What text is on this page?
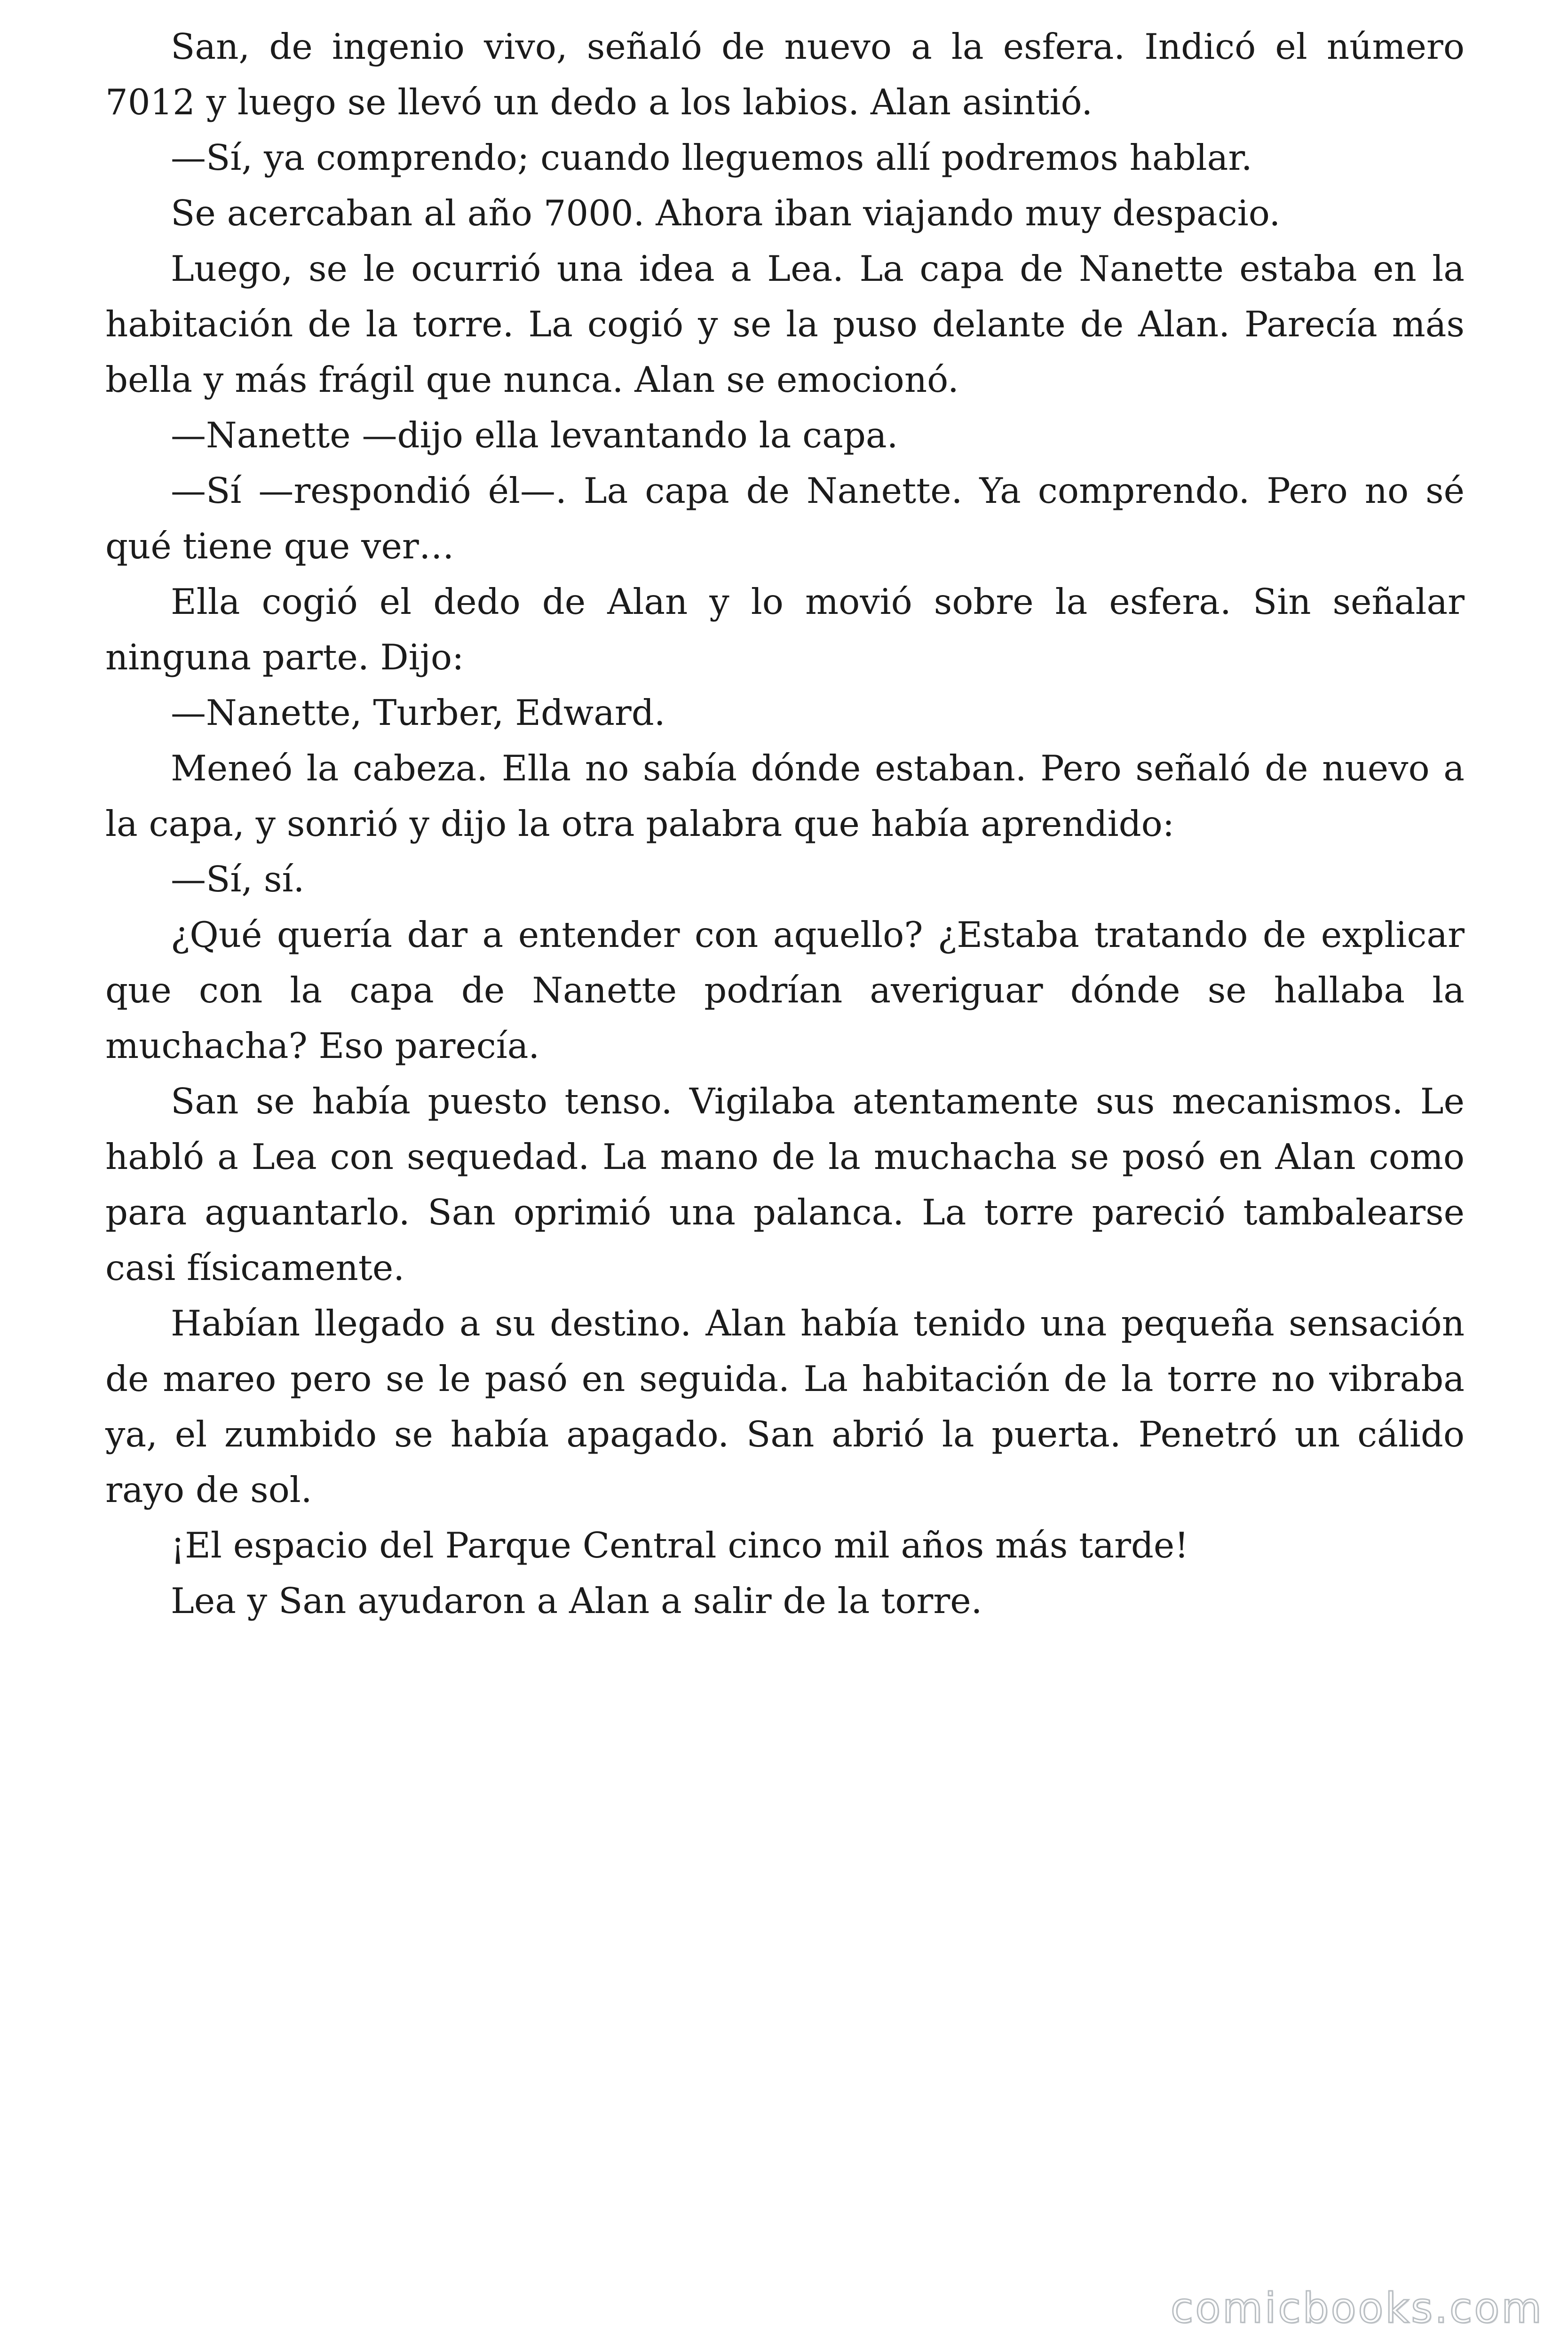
San, de ingenio vivo, señaló de nuevo a la esfera. Indicó el número 7012 y luego se llevó un dedo a los labios. Alan asintió.

—Sí, ya comprendo; cuando lleguemos allí podremos hablar.

Se acercaban al año 7000. Ahora iban viajando muy despacio.

Luego, se le ocurrió una idea a Lea. La capa de Nanette estaba en la habitación de la torre. La cogió y se la puso delante de Alan. Parecía más bella y más frágil que nunca. Alan se emocionó.

—Nanette —dijo ella levantando la capa.

—Sí —respondió él—. La capa de Nanette. Ya comprendo. Pero no sé qué tiene que ver…

Ella cogió el dedo de Alan y lo movió sobre la esfera. Sin señalar ninguna parte. Dijo:

—Nanette, Turber, Edward.

Meneó la cabeza. Ella no sabía dónde estaban. Pero señaló de nuevo a la capa, y sonrió y dijo la otra palabra que había aprendido:

—Sí, sí.

¿Qué quería dar a entender con aquello? ¿Estaba tratando de explicar que con la capa de Nanette podrían averiguar dónde se hallaba la muchacha? Eso parecía.

San se había puesto tenso. Vigilaba atentamente sus mecanismos. Le habló a Lea con sequedad. La mano de la muchacha se posó en Alan como para aguantarlo. San oprimió una palanca. La torre pareció tambalearse casi físicamente.

Habían llegado a su destino. Alan había tenido una pequeña sensación de mareo pero se le pasó en seguida. La habitación de la torre no vibraba ya, el zumbido se había apagado. San abrió la puerta. Penetró un cálido rayo de sol.

¡El espacio del Parque Central cinco mil años más tarde!

Lea y San ayudaron a Alan a salir de la torre.

comicbooks.com
